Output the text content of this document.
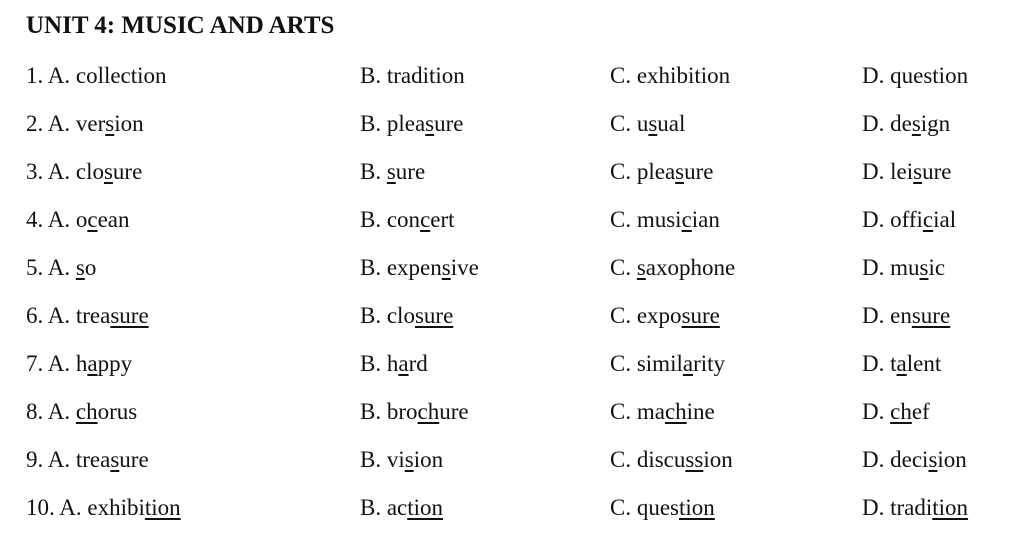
UNIT 4: MUSIC AND ARTS
1. A. collection	B. tradition	C. exhibition	D. question
2. A. version	B. pleasure	C. usual	D. design
3. A. closure	B. sure	C. pleasure	D. leisure
4. A. ocean	B. concert	C. musician	D. official
5. A. so	B. expensive	C. saxophone	D. music
6. A. treasure	B. closure	C. exposure	D. ensure
7. A. happy	B. hard	C. similarity	D. talent
8. A. chorus	B. brochure	C. machine	D. chef
9. A. treasure	B. vision	C. discussion	D. decision
10. A. exhibition	B. action	C. question	D. tradition
